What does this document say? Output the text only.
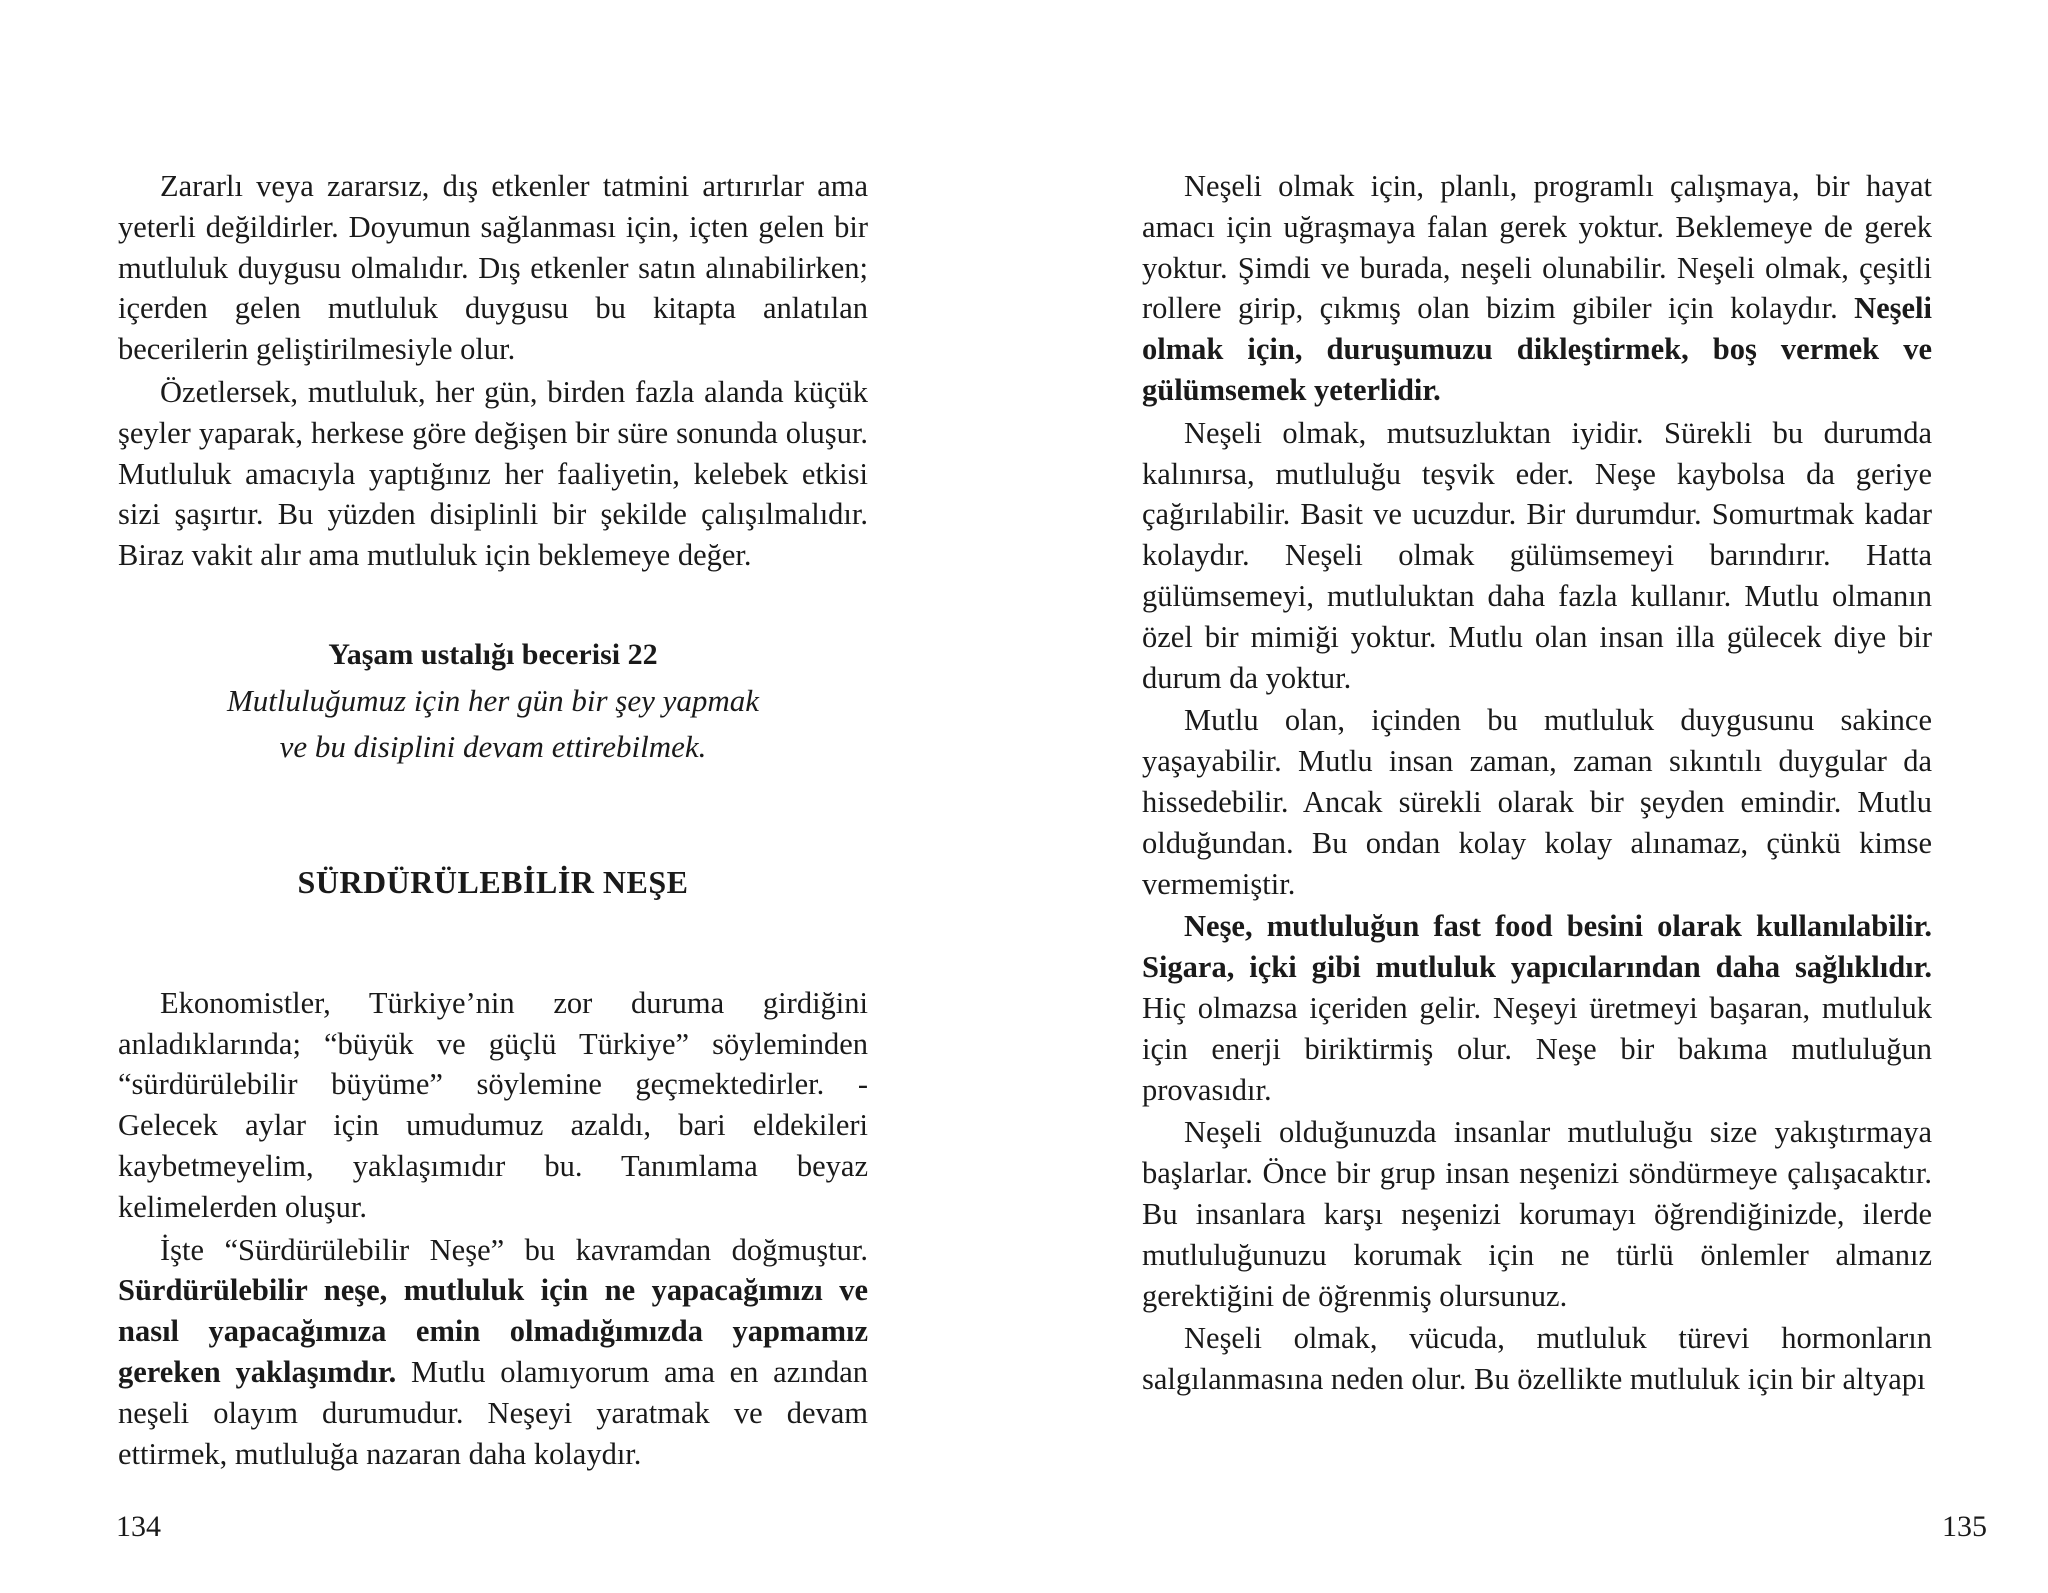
Zararlı veya zararsız, dış etkenler tatmini artırırlar ama yeterli değildirler. Doyumun sağlanması için, içten gelen bir mutluluk duygusu olmalıdır. Dış etkenler satın alınabilirken; içerden gelen mutluluk duygusu bu kitapta anlatılan becerilerin geliştirilmesiyle olur.

Özetlersek, mutluluk, her gün, birden fazla alanda küçük şeyler yaparak, herkese göre değişen bir süre sonunda oluşur. Mutluluk amacıyla yaptığınız her faaliyetin, kelebek etkisi sizi şaşırtır. Bu yüzden disiplinli bir şekilde çalışılmalıdır. Biraz vakit alır ama mutluluk için beklemeye değer.

Yaşam ustalığı becerisi 22
Mutluluğumuz için her gün bir şey yapmak
ve bu disiplini devam ettirebilmek.
SÜRDÜRÜLEBİLİR NEŞE

Ekonomistler, Türkiye’nin zor duruma girdiğini anladıklarında; “büyük ve güçlü Türkiye” söyleminden “sürdürülebilir büyüme” söylemine geçmektedirler. - Gelecek aylar için umudumuz azaldı, bari eldekileri kaybetmeyelim, yaklaşımıdır bu. Tanımlama beyaz kelimelerden oluşur.

İşte “Sürdürülebilir Neşe” bu kavramdan doğmuştur. Sürdürülebilir neşe, mutluluk için ne yapacağımızı ve nasıl yapacağımıza emin olmadığımızda yapmamız gereken yaklaşımdır. Mutlu olamıyorum ama en azından neşeli olayım durumudur. Neşeyi yaratmak ve devam ettirmek, mutluluğa nazaran daha kolaydır.

134

Neşeli olmak için, planlı, programlı çalışmaya, bir hayat amacı için uğraşmaya falan gerek yoktur. Beklemeye de gerek yoktur. Şimdi ve burada, neşeli olunabilir. Neşeli olmak, çeşitli rollere girip, çıkmış olan bizim gibiler için kolaydır. Neşeli olmak için, duruşumuzu dikleştirmek, boş vermek ve gülümsemek yeterlidir.

Neşeli olmak, mutsuzluktan iyidir. Sürekli bu durumda kalınırsa, mutluluğu teşvik eder. Neşe kaybolsa da geriye çağırılabilir. Basit ve ucuzdur. Bir durumdur. Somurtmak kadar kolaydır. Neşeli olmak gülümsemeyi barındırır. Hatta gülümsemeyi, mutluluktan daha fazla kullanır. Mutlu olmanın özel bir mimiği yoktur. Mutlu olan insan illa gülecek diye bir durum da yoktur.

Mutlu olan, içinden bu mutluluk duygusunu sakince yaşayabilir. Mutlu insan zaman, zaman sıkıntılı duygular da hissedebilir. Ancak sürekli olarak bir şeyden emindir. Mutlu olduğundan. Bu ondan kolay kolay alınamaz, çünkü kimse vermemiştir.

Neşe, mutluluğun fast food besini olarak kullanılabilir. Sigara, içki gibi mutluluk yapıcılarından daha sağlıklıdır. Hiç olmazsa içeriden gelir. Neşeyi üretmeyi başaran, mutluluk için enerji biriktirmiş olur. Neşe bir bakıma mutluluğun provasıdır.

Neşeli olduğunuzda insanlar mutluluğu size yakıştırmaya başlarlar. Önce bir grup insan neşenizi söndürmeye çalışacaktır. Bu insanlara karşı neşenizi korumayı öğrendiğinizde, ilerde mutluluğunuzu korumak için ne türlü önlemler almanız gerektiğini de öğrenmiş olursunuz.

Neşeli olmak, vücuda, mutluluk türevi hormonların salgılanmasına neden olur. Bu özellikte mutluluk için bir altyapı

135
